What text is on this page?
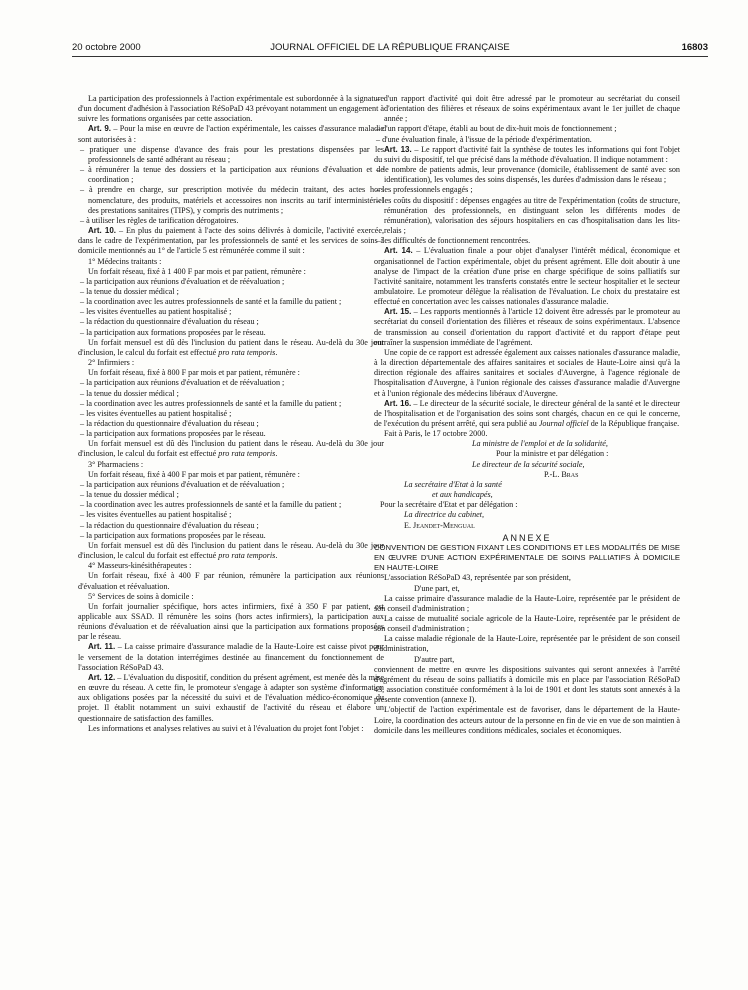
20 octobre 2000	JOURNAL OFFICIEL DE LA RÉPUBLIQUE FRANÇAISE	16803

La participation des professionnels à l'action expérimentale est subordonnée à la signature d'un document d'adhésion à l'association RéSoPaD 43 prévoyant notamment un engagement à suivre les formations organisées par cette association.

Art. 9. – Pour la mise en œuvre de l'action expérimentale, les caisses d'assurance maladie sont autorisées à :

– pratiquer une dispense d'avance des frais pour les prestations dispensées par les professionnels de santé adhérant au réseau ;

– à rémunérer la tenue des dossiers et la participation aux réunions d'évaluation et de coordination ;

– à prendre en charge, sur prescription motivée du médecin traitant, des actes hors nomenclature, des produits, matériels et accessoires non inscrits au tarif interministériel des prestations sanitaires (TIPS), y compris des nutriments ;

– à utiliser les règles de tarification dérogatoires.

Art. 10. – En plus du paiement à l'acte des soins délivrés à domicile, l'activité exercée, dans le cadre de l'expérimentation, par les professionnels de santé et les services de soins à domicile mentionnés au 1° de l'article 5 est rémunérée comme il suit :

1° Médecins traitants :

Un forfait réseau, fixé à 1 400 F par mois et par patient, rémunère :

– la participation aux réunions d'évaluation et de réévaluation ;

– la tenue du dossier médical ;

– la coordination avec les autres professionnels de santé et la famille du patient ;

– les visites éventuelles au patient hospitalisé ;

– la rédaction du questionnaire d'évaluation du réseau ;

– la participation aux formations proposées par le réseau.

Un forfait mensuel est dû dès l'inclusion du patient dans le réseau. Au-delà du 30e jour d'inclusion, le calcul du forfait est effectué pro rata temporis.

2° Infirmiers :

Un forfait réseau, fixé à 800 F par mois et par patient, rémunère :

– la participation aux réunions d'évaluation et de réévaluation ;

– la tenue du dossier médical ;

– la coordination avec les autres professionnels de santé et la famille du patient ;

– les visites éventuelles au patient hospitalisé ;

– la rédaction du questionnaire d'évaluation du réseau ;

– la participation aux formations proposées par le réseau.

Un forfait mensuel est dû dès l'inclusion du patient dans le réseau. Au-delà du 30e jour d'inclusion, le calcul du forfait est effectué pro rata temporis.

3° Pharmaciens :

Un forfait réseau, fixé à 400 F par mois et par patient, rémunère :

– la participation aux réunions d'évaluation et de réévaluation ;

– la tenue du dossier médical ;

– la coordination avec les autres professionnels de santé et la famille du patient ;

– les visites éventuelles au patient hospitalisé ;

– la rédaction du questionnaire d'évaluation du réseau ;

– la participation aux formations proposées par le réseau.

Un forfait mensuel est dû dès l'inclusion du patient dans le réseau. Au-delà du 30e jour d'inclusion, le calcul du forfait est effectué pro rata temporis.

4° Masseurs-kinésithérapeutes :

Un forfait réseau, fixé à 400 F par réunion, rémunère la participation aux réunions d'évaluation et réévaluation.

5° Services de soins à domicile :

Un forfait journalier spécifique, hors actes infirmiers, fixé à 350 F par patient, est applicable aux SSAD. Il rémunère les soins (hors actes infirmiers), la participation aux réunions d'évaluation et de réévaluation ainsi que la participation aux formations proposées par le réseau.

Art. 11. – La caisse primaire d'assurance maladie de la Haute-Loire est caisse pivot pour le versement de la dotation interrégimes destinée au financement du fonctionnement de l'association RéSoPaD 43.

Art. 12. – L'évaluation du dispositif, condition du présent agrément, est menée dès la mise en œuvre du réseau. A cette fin, le promoteur s'engage à adapter son système d'information aux obligations posées par la nécessité du suivi et de l'évaluation médico-économique du projet. Il établit notamment un suivi exhaustif de l'activité du réseau et élabore un questionnaire de satisfaction des familles.

Les informations et analyses relatives au suivi et à l'évaluation du projet font l'objet :

– d'un rapport d'activité qui doit être adressé par le promoteur au secrétariat du conseil d'orientation des filières et réseaux de soins expérimentaux avant le 1er juillet de chaque année ;

– d'un rapport d'étape, établi au bout de dix-huit mois de fonctionnement ;

– d'une évaluation finale, à l'issue de la période d'expérimentation.

Art. 13. – Le rapport d'activité fait la synthèse de toutes les informations qui font l'objet du suivi du dispositif, tel que précisé dans la méthode d'évaluation. Il indique notamment :

– le nombre de patients admis, leur provenance (domicile, établissement de santé avec son identification), les volumes des soins dispensés, les durées d'admission dans le réseau ;

– les professionnels engagés ;

– les coûts du dispositif : dépenses engagées au titre de l'expérimentation (coûts de structure, rémunération des professionnels, en distinguant selon les différents modes de rémunération), valorisation des séjours hospitaliers en cas d'hospitalisation dans les lits-relais ;

– les difficultés de fonctionnement rencontrées.

Art. 14. – L'évaluation finale a pour objet d'analyser l'intérêt médical, économique et organisationnel de l'action expérimentale, objet du présent agrément. Elle doit aboutir à une analyse de l'impact de la création d'une prise en charge spécifique de soins palliatifs sur l'activité sanitaire, notamment les transferts constatés entre le secteur hospitalier et le secteur ambulatoire. Le promoteur délègue la réalisation de l'évaluation. Le choix du prestataire est effectué en concertation avec les caisses nationales d'assurance maladie.

Art. 15. – Les rapports mentionnés à l'article 12 doivent être adressés par le promoteur au secrétariat du conseil d'orientation des filières et réseaux de soins expérimentaux. L'absence de transmission au conseil d'orientation du rapport d'activité et du rapport d'étape peut entraîner la suspension immédiate de l'agrément.

Une copie de ce rapport est adressée également aux caisses nationales d'assurance maladie, à la direction départementale des affaires sanitaires et sociales de Haute-Loire ainsi qu'à la direction régionale des affaires sanitaires et sociales d'Auvergne, à l'agence régionale de l'hospitalisation d'Auvergne, à l'union régionale des caisses d'assurance maladie d'Auvergne et à l'union régionale des médecins libéraux d'Auvergne.

Art. 16. – Le directeur de la sécurité sociale, le directeur général de la santé et le directeur de l'hospitalisation et de l'organisation des soins sont chargés, chacun en ce qui le concerne, de l'exécution du présent arrêté, qui sera publié au Journal officiel de la République française.

Fait à Paris, le 17 octobre 2000.

La ministre de l'emploi et de la solidarité,

Pour la ministre et par délégation :

Le directeur de la sécurité sociale,

P.-L. Bras

La secrétaire d'Etat à la santé

et aux handicapés,

Pour la secrétaire d'Etat et par délégation :

La directrice du cabinet,

E. Jeandet-Mengual

ANNEXE

CONVENTION DE GESTION FIXANT LES CONDITIONS ET LES MODALITÉS DE MISE EN ŒUVRE D'UNE ACTION EXPÉRIMENTALE DE SOINS PALLIATIFS À DOMICILE EN HAUTE-LOIRE

L'association RéSoPaD 43, représentée par son président,

D'une part, et,

La caisse primaire d'assurance maladie de la Haute-Loire, représentée par le président de son conseil d'administration ;

La caisse de mutualité sociale agricole de la Haute-Loire, représentée par le président de son conseil d'administration ;

La caisse maladie régionale de la Haute-Loire, représentée par le président de son conseil d'administration,

D'autre part,

conviennent de mettre en œuvre les dispositions suivantes qui seront annexées à l'arrêté d'agrément du réseau de soins palliatifs à domicile mis en place par l'association RéSoPaD 43, association constituée conformément à la loi de 1901 et dont les statuts sont annexés à la présente convention (annexe I).

L'objectif de l'action expérimentale est de favoriser, dans le département de la Haute-Loire, la coordination des acteurs autour de la personne en fin de vie en vue de son maintien à domicile dans les meilleures conditions médicales, sociales et économiques.
